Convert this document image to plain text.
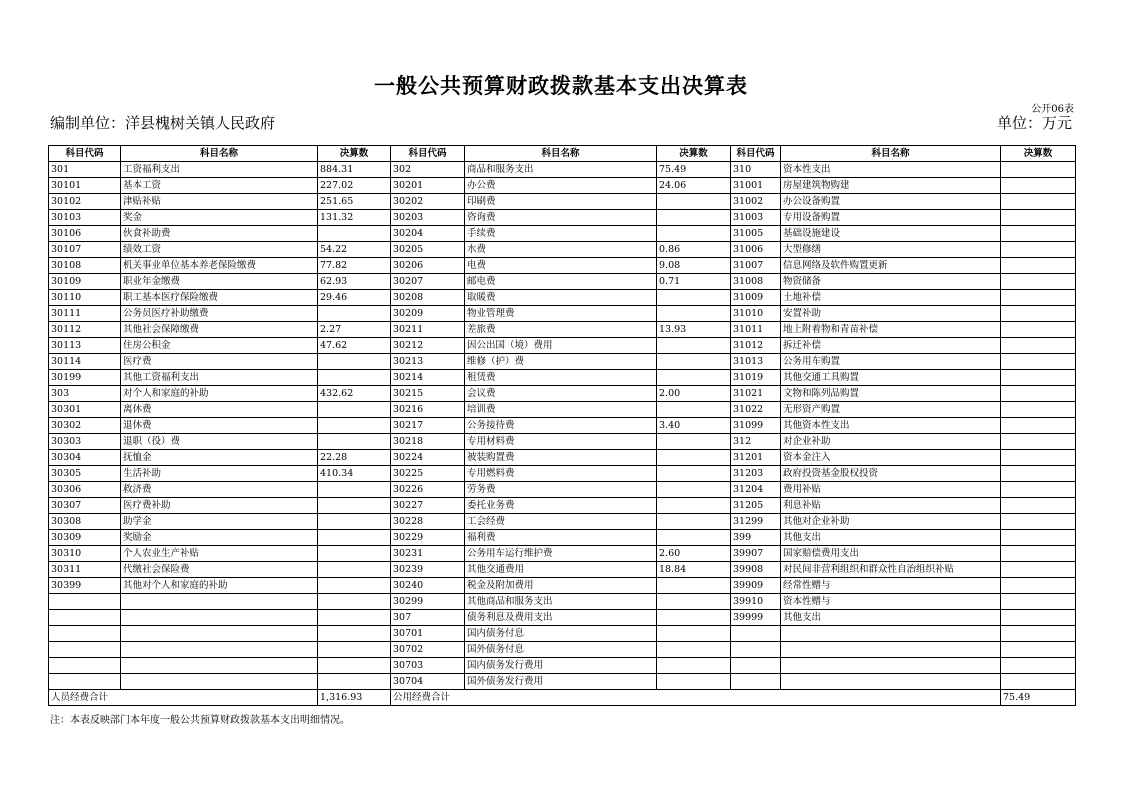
一般公共预算财政拨款基本支出决算表
公开06表
编制单位：洋县槐树关镇人民政府	单位：万元
科目代码	科目名称	决算数	科目代码	科目名称	决算数	科目代码	科目名称	决算数
301	工资福利支出	884.31	302	商品和服务支出	75.49	310	资本性支出	
30101	基本工资	227.02	30201	办公费	24.06	31001	房屋建筑物购建	
30102	津贴补贴	251.65	30202	印刷费		31002	办公设备购置	
30103	奖金	131.32	30203	咨询费		31003	专用设备购置	
30106	伙食补助费		30204	手续费		31005	基础设施建设	
30107	绩效工资	54.22	30205	水费	0.86	31006	大型修缮	
30108	机关事业单位基本养老保险缴费	77.82	30206	电费	9.08	31007	信息网络及软件购置更新	
30109	职业年金缴费	62.93	30207	邮电费	0.71	31008	物资储备	
30110	职工基本医疗保险缴费	29.46	30208	取暖费		31009	土地补偿	
30111	公务员医疗补助缴费		30209	物业管理费		31010	安置补助	
30112	其他社会保障缴费	2.27	30211	差旅费	13.93	31011	地上附着物和青苗补偿	
30113	住房公积金	47.62	30212	因公出国（境）费用		31012	拆迁补偿	
30114	医疗费		30213	维修（护）费		31013	公务用车购置	
30199	其他工资福利支出		30214	租赁费		31019	其他交通工具购置	
303	对个人和家庭的补助	432.62	30215	会议费	2.00	31021	文物和陈列品购置	
30301	离休费		30216	培训费		31022	无形资产购置	
30302	退休费		30217	公务接待费	3.40	31099	其他资本性支出	
30303	退职（役）费		30218	专用材料费		312	对企业补助	
30304	抚恤金	22.28	30224	被装购置费		31201	资本金注入	
30305	生活补助	410.34	30225	专用燃料费		31203	政府投资基金股权投资	
30306	救济费		30226	劳务费		31204	费用补贴	
30307	医疗费补助		30227	委托业务费		31205	利息补贴	
30308	助学金		30228	工会经费		31299	其他对企业补助	
30309	奖励金		30229	福利费		399	其他支出	
30310	个人农业生产补贴		30231	公务用车运行维护费	2.60	39907	国家赔偿费用支出	
30311	代缴社会保险费		30239	其他交通费用	18.84	39908	对民间非营利组织和群众性自治组织补贴	
30399	其他对个人和家庭的补助		30240	税金及附加费用		39909	经常性赠与	
			30299	其他商品和服务支出		39910	资本性赠与	
			307	债务利息及费用支出		39999	其他支出	
			30701	国内债务付息				
			30702	国外债务付息				
			30703	国内债务发行费用				
			30704	国外债务发行费用				
人员经费合计		1,316.93	公用经费合计					75.49
注：本表反映部门本年度一般公共预算财政拨款基本支出明细情况。
